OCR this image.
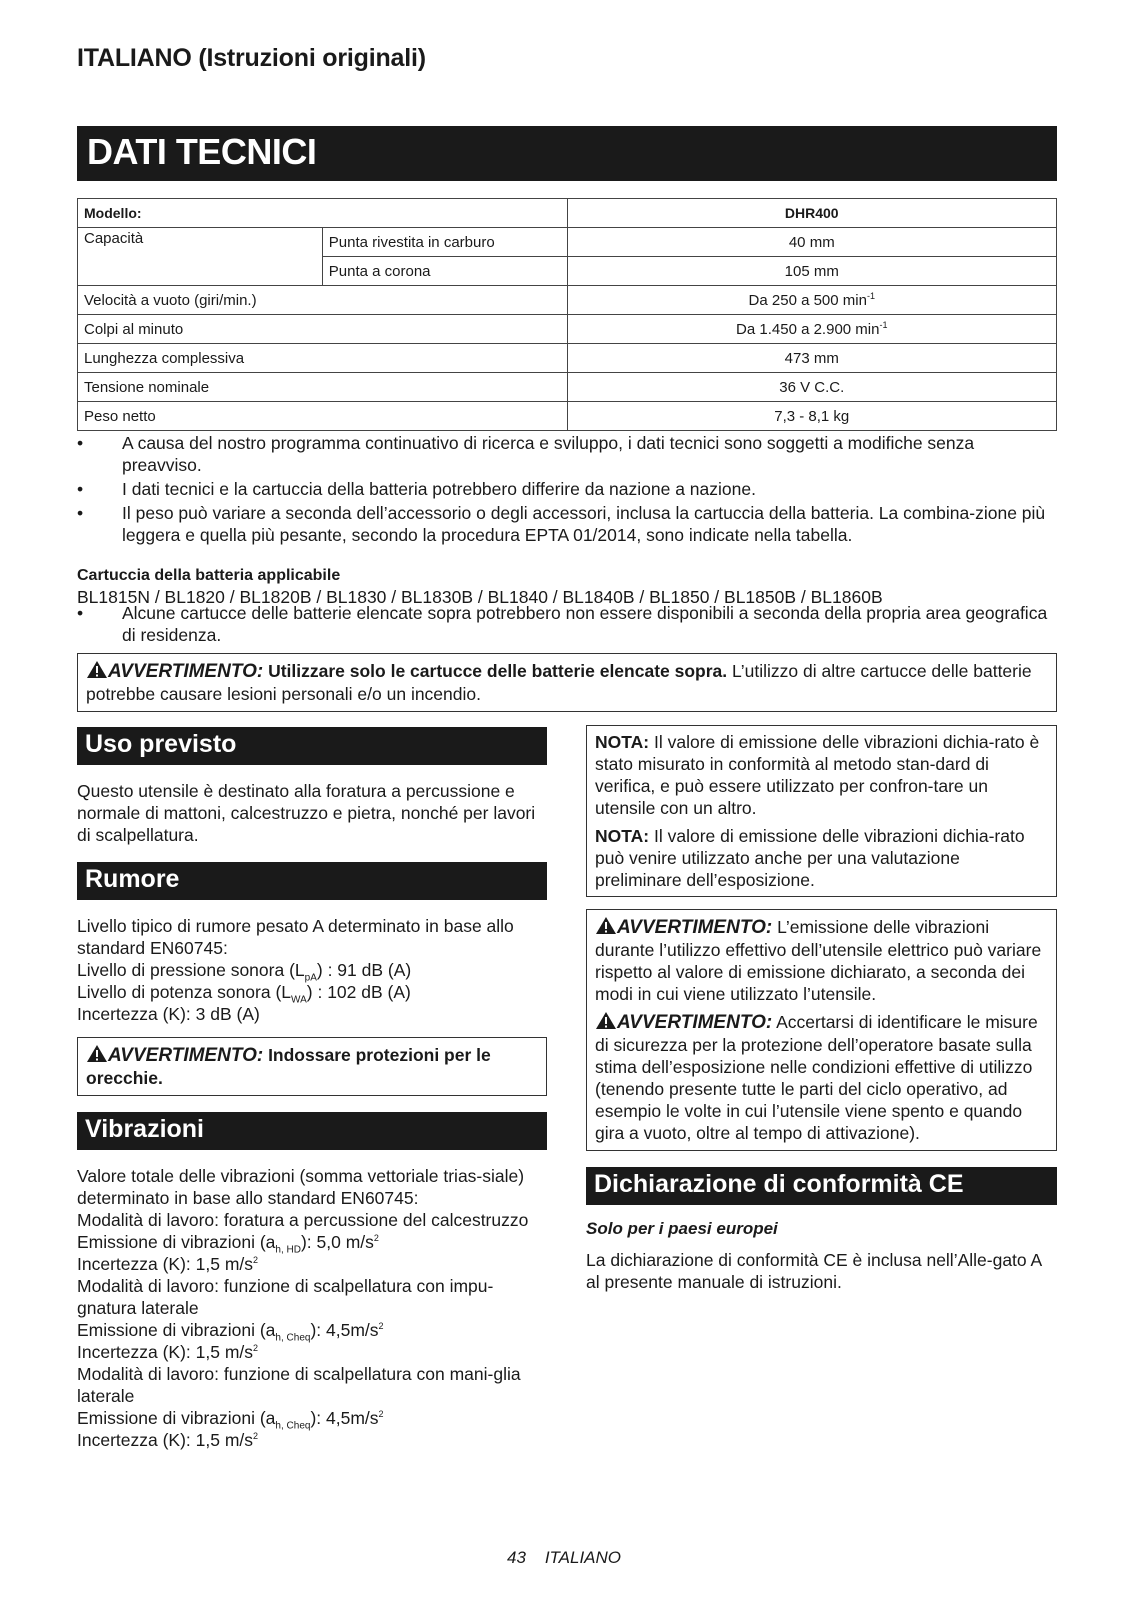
ITALIANO (Istruzioni originali)
DATI TECNICI
Modello:		DHR400
Capacità	Punta rivestita in carburo	40 mm
	Punta a corona	105 mm
Velocità a vuoto (giri/min.)		Da 250 a 500 $\min^{-1}$
Colpi al minuto		Da 1.450 a 2.900 $\min^{-1}$
Lunghezza complessiva		473 mm
Tensione nominale		36 V C.C.
Peso netto		7,3 - 8,1 kg
• A causa del nostro programma continuativo di ricerca e sviluppo, i dati tecnici sono soggetti a modifiche senza preavviso.
• I dati tecnici e la cartuccia della batteria potrebbero differire da nazione a nazione.
• Il peso può variare a seconda dell’accessorio o degli accessori, inclusa la cartuccia della batteria. La combina-zione più leggera e quella più pesante, secondo la procedura EPTA 01/2014, sono indicate nella tabella.
Cartuccia della batteria applicabile
BL1815N / BL1820 / BL1820B / BL1830 / BL1830B / BL1840 / BL1840B / BL1850 / BL1850B / BL1860B
• Alcune cartucce delle batterie elencate sopra potrebbero non essere disponibili a seconda della propria area geografica di residenza.
AVVERTIMENTO: Utilizzare solo le cartucce delle batterie elencate sopra. L’utilizzo di altre cartucce delle batterie potrebbe causare lesioni personali e/o un incendio.
Uso previsto
Questo utensile è destinato alla foratura a percussione e normale di mattoni, calcestruzzo e pietra, nonché per lavori di scalpellatura.
Rumore
Livello tipico di rumore pesato A determinato in base allo standard EN60745:
Livello di pressione sonora $(L_{pA})$ : 91 dB (A)
Livello di potenza sonora $(L_{WA})$ : 102 dB (A)
Incertezza (K): 3 dB (A)
AVVERTIMENTO: Indossare protezioni per le orecchie.
Vibrazioni
Valore totale delle vibrazioni (somma vettoriale trias-siale) determinato in base allo standard EN60745:
Modalità di lavoro: foratura a percussione del calcestruzzo
Emissione di vibrazioni $(a_{h, HD})$: 5,0 $m/s^2$
Incertezza (K): 1,5 $m/s^2$
Modalità di lavoro: funzione di scalpellatura con impu-gnatura laterale
Emissione di vibrazioni $(a_{h, Cheq})$: $4,5m/s^2$
Incertezza (K): 1,5 $m/s^2$
Modalità di lavoro: funzione di scalpellatura con mani-glia laterale
Emissione di vibrazioni $(a_{h, Cheq})$: $4,5m/s^2$
Incertezza (K): 1,5 $m/s^2$
NOTA: Il valore di emissione delle vibrazioni dichia-rato è stato misurato in conformità al metodo stan-dard di verifica, e può essere utilizzato per confron-tare un utensile con un altro.
NOTA: Il valore di emissione delle vibrazioni dichia-rato può venire utilizzato anche per una valutazione preliminare dell’esposizione.
AVVERTIMENTO: L’emissione delle vibrazioni durante l’utilizzo effettivo dell’utensile elettrico può variare rispetto al valore di emissione dichiarato, a seconda dei modi in cui viene utilizzato l’utensile.
AVVERTIMENTO: Accertarsi di identificare le misure di sicurezza per la protezione dell’operatore basate sulla stima dell’esposizione nelle condizioni effettive di utilizzo (tenendo presente tutte le parti del ciclo operativo, ad esempio le volte in cui l’utensile viene spento e quando gira a vuoto, oltre al tempo di attivazione).
Dichiarazione di conformità CE
Solo per i paesi europei
La dichiarazione di conformità CE è inclusa nell’Alle-gato A al presente manuale di istruzioni.
43 ITALIANO
